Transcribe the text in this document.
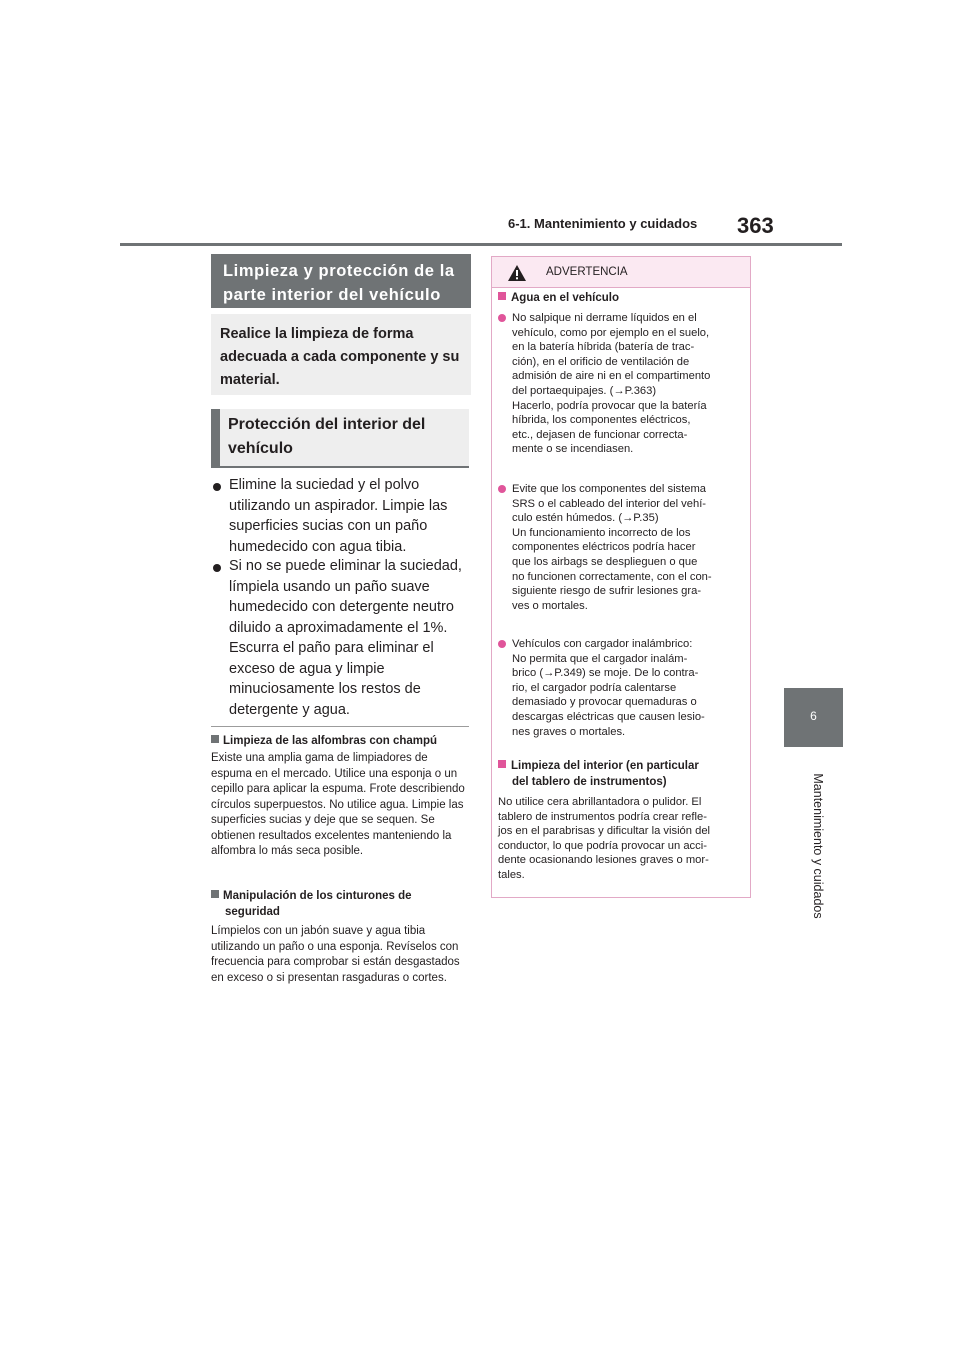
6-1. Mantenimiento y cuidados 363
6
Mantenimiento y cuidados
Limpieza y protección de la parte interior del vehículo
Realice la limpieza de forma adecuada a cada componente y su material.
Protección del interior del vehículo
Elimine la suciedad y el polvo utilizando un aspirador. Limpie las superficies sucias con un paño humedecido con agua tibia.
Si no se puede eliminar la suciedad, límpiela usando un paño suave humedecido con detergente neutro diluido a aproximadamente el 1%. Escurra el paño para eliminar el exceso de agua y limpie minuciosamente los restos de detergente y agua.
Limpieza de las alfombras con champú
Existe una amplia gama de limpiadores de espuma en el mercado. Utilice una esponja o un cepillo para aplicar la espuma. Frote describiendo círculos superpuestos. No utilice agua. Limpie las superficies sucias y deje que se sequen. Se obtienen resultados excelentes manteniendo la alfombra lo más seca posible.
Manipulación de los cinturones de
seguridad
Límpielos con un jabón suave y agua tibia utilizando un paño o una esponja. Revíselos con frecuencia para comprobar si están desgastados en exceso o si presentan rasgaduras o cortes.
ADVERTENCIA
Agua en el vehículo
No salpique ni derrame líquidos en el
vehículo, como por ejemplo en el suelo,
en la batería híbrida (batería de trac-
ción), en el orificio de ventilación de
admisión de aire ni en el compartimento
del portaequipajes. (→P.363)
Hacerlo, podría provocar que la batería
híbrida, los componentes eléctricos,
etc., dejasen de funcionar correcta-
mente o se incendiasen.
Evite que los componentes del sistema
SRS o el cableado del interior del vehí-
culo estén húmedos. (→P.35)
Un funcionamiento incorrecto de los
componentes eléctricos podría hacer
que los airbags se desplieguen o que
no funcionen correctamente, con el con-
siguiente riesgo de sufrir lesiones gra-
ves o mortales.
Vehículos con cargador inalámbrico:
No permita que el cargador inalám-
brico (→P.349) se moje. De lo contra-
rio, el cargador podría calentarse
demasiado y provocar quemaduras o
descargas eléctricas que causen lesio-
nes graves o mortales.
Limpieza del interior (en particular
del tablero de instrumentos)
No utilice cera abrillantadora o pulidor. El
tablero de instrumentos podría crear refle-
jos en el parabrisas y dificultar la visión del
conductor, lo que podría provocar un acci-
dente ocasionando lesiones graves o mor-
tales.
